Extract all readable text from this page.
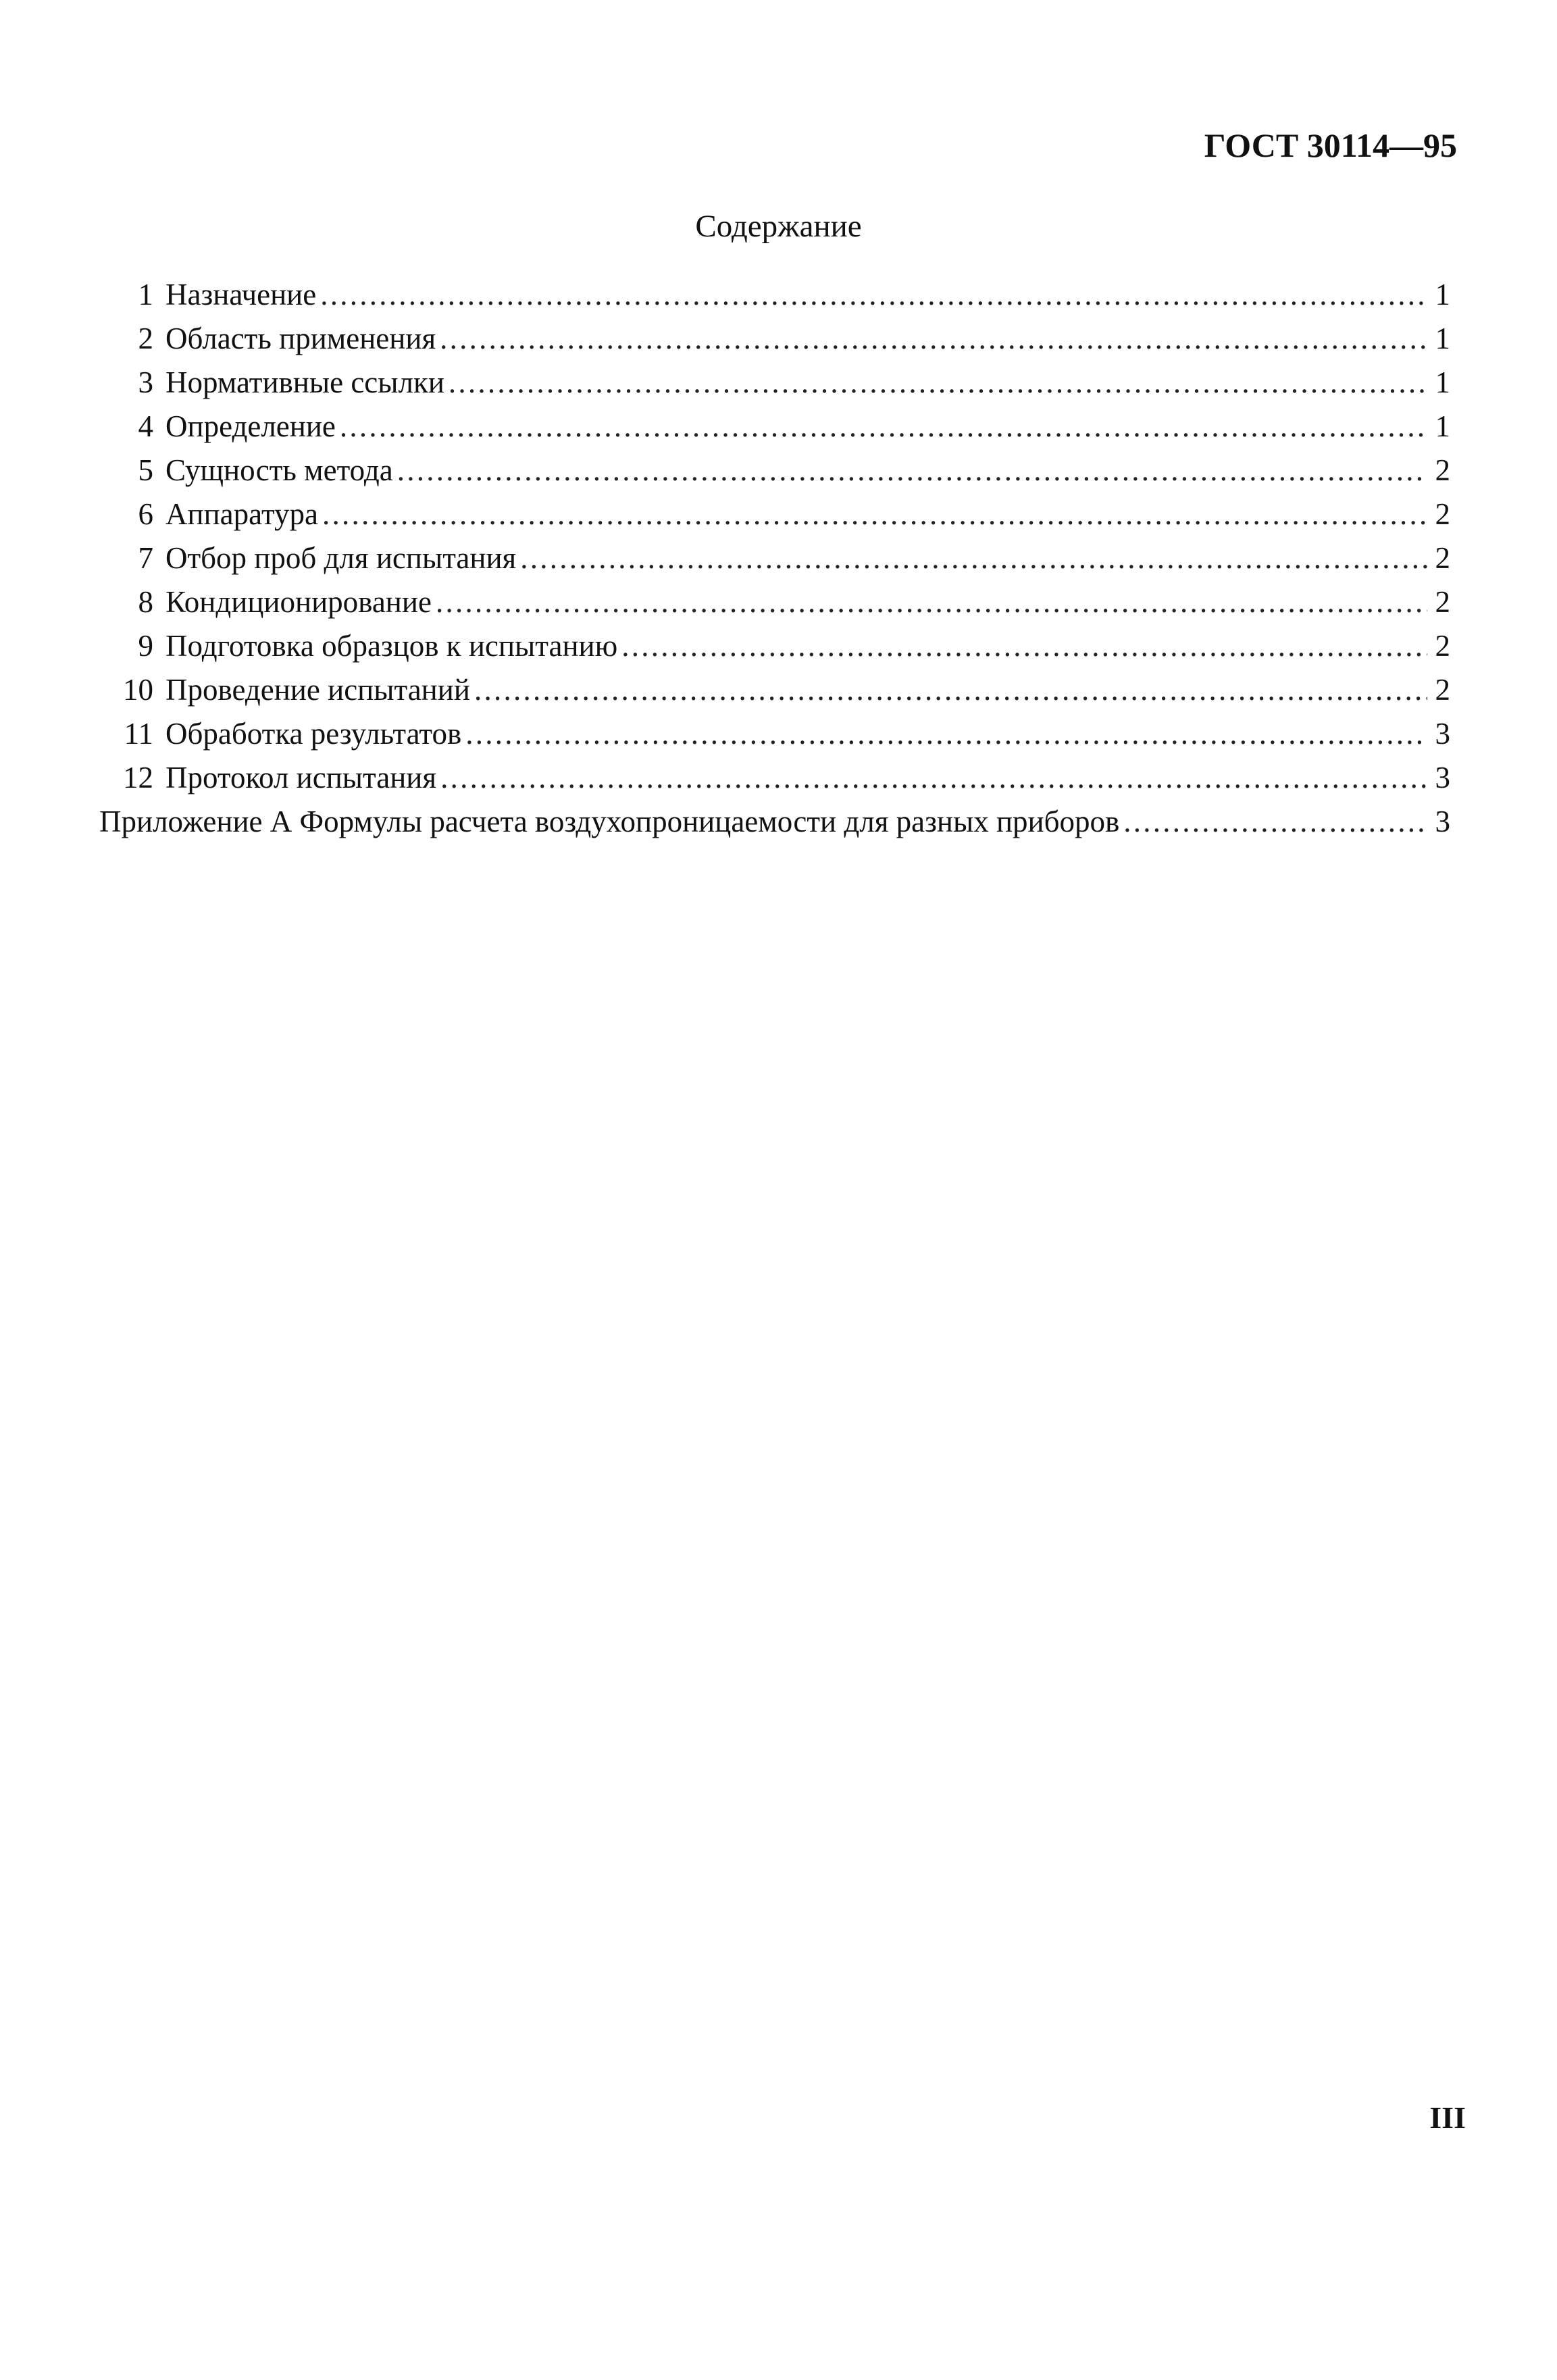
ГОСТ 30114—95
Содержание
1 Назначение . . .	1
2 Область применения . . .	1
3 Нормативные ссылки . . .	1
4 Определение . . .	1
5 Сущность метода . . .	2
6 Аппаратура . . .	2
7 Отбор проб для испытания . . .	2
8 Кондиционирование . . .	2
9 Подготовка образцов к испытанию . . .	2
10 Проведение испытаний . . .	2
11 Обработка результатов . . .	3
12 Протокол испытания . . .	3
Приложение А Формулы расчета воздухопроницаемости для разных приборов . . .	3
III
